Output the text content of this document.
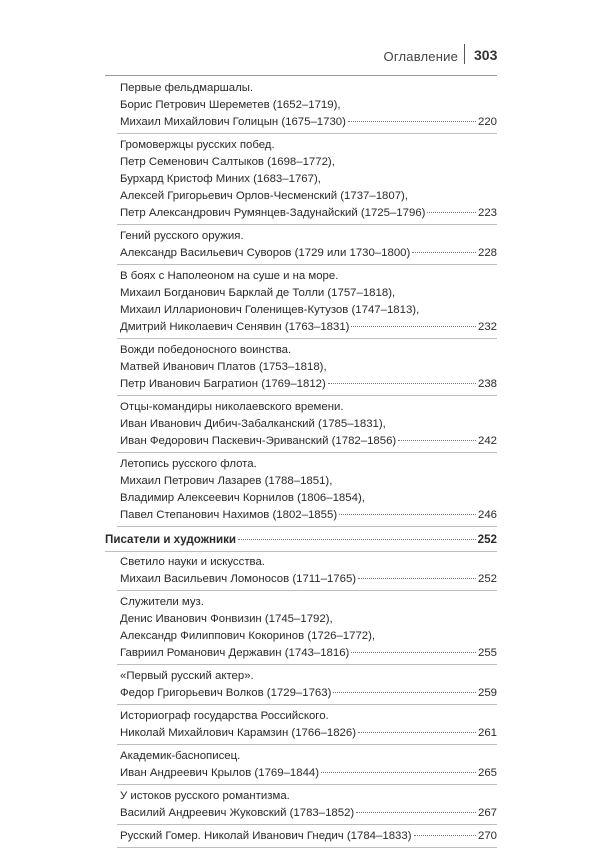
Оглавление 303
Первые фельдмаршалы.
Борис Петрович Шереметев (1652–1719),
Михаил Михайлович Голицын (1675–1730)	220
Громовержцы русских побед.
Петр Семенович Салтыков (1698–1772),
Бурхард Кристоф Миних (1683–1767),
Алексей Григорьевич Орлов-Чесменский (1737–1807),
Петр Александрович Румянцев-Задунайский (1725–1796)	223
Гений русского оружия.
Александр Васильевич Суворов (1729 или 1730–1800)	228
В боях с Наполеоном на суше и на море.
Михаил Богданович Барклай де Толли (1757–1818),
Михаил Илларионович Голенищев-Кутузов (1747–1813),
Дмитрий Николаевич Сенявин (1763–1831)	232
Вожди победоносного воинства.
Матвей Иванович Платов (1753–1818),
Петр Иванович Багратион (1769–1812)	238
Отцы-командиры николаевского времени.
Иван Иванович Дибич-Забалканский (1785–1831),
Иван Федорович Паскевич-Эриванский (1782–1856)	242
Летопись русского флота.
Михаил Петрович Лазарев (1788–1851),
Владимир Алексеевич Корнилов (1806–1854),
Павел Степанович Нахимов (1802–1855)	246
Писатели и художники	252
Светило науки и искусства.
Михаил Васильевич Ломоносов (1711–1765)	252
Служители муз.
Денис Иванович Фонвизин (1745–1792),
Александр Филиппович Кокоринов (1726–1772),
Гавриил Романович Державин (1743–1816)	255
«Первый русский актер».
Федор Григорьевич Волков (1729–1763)	259
Историограф государства Российского.
Николай Михайлович Карамзин (1766–1826)	261
Академик-баснописец.
Иван Андреевич Крылов (1769–1844)	265
У истоков русского романтизма.
Василий Андреевич Жуковский (1783–1852)	267
Русский Гомер. Николай Иванович Гнедич (1784–1833)	270
